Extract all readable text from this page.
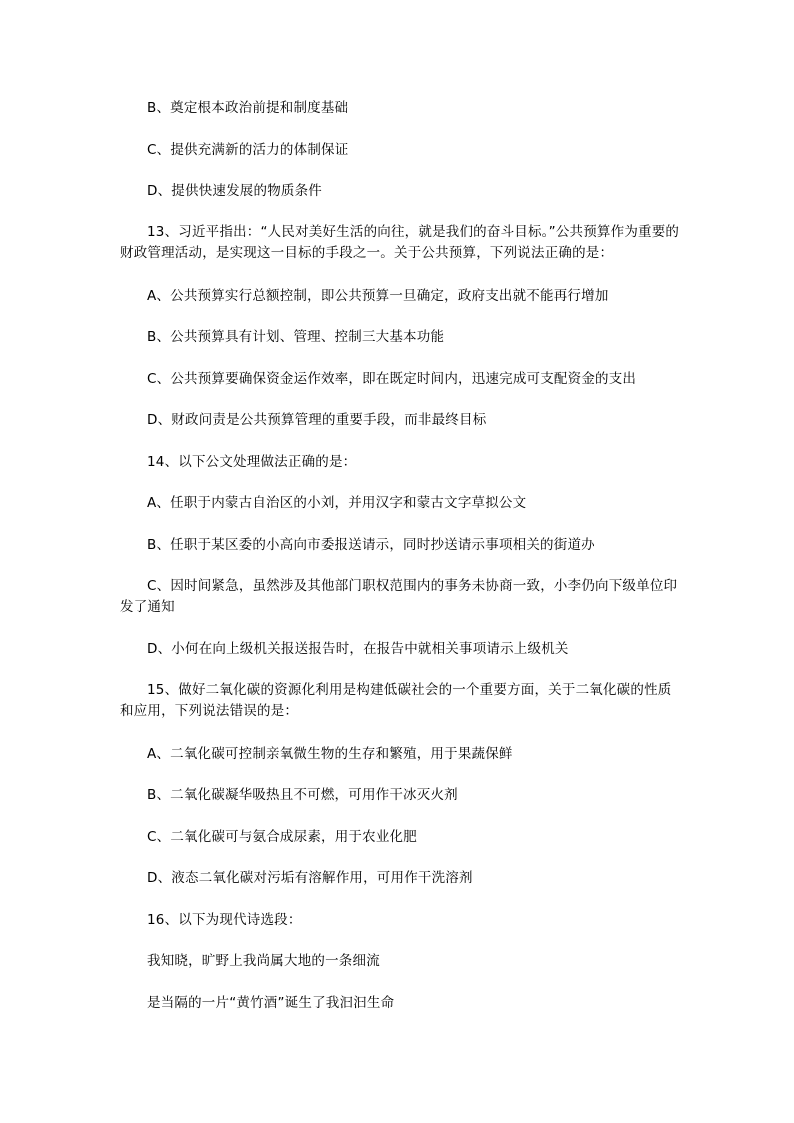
B、奠定根本政治前提和制度基础
C、提供充满新的活力的体制保证
D、提供快速发展的物质条件
13、习近平指出：“人民对美好生活的向往，就是我们的奋斗目标。”公共预算作为重要的财政管理活动，是实现这一目标的手段之一。关于公共预算，下列说法正确的是：
A、公共预算实行总额控制，即公共预算一旦确定，政府支出就不能再行增加
B、公共预算具有计划、管理、控制三大基本功能
C、公共预算要确保资金运作效率，即在既定时间内，迅速完成可支配资金的支出
D、财政问责是公共预算管理的重要手段，而非最终目标
14、以下公文处理做法正确的是：
A、任职于内蒙古自治区的小刘，并用汉字和蒙古文字草拟公文
B、任职于某区委的小高向市委报送请示，同时抄送请示事项相关的街道办
C、因时间紧急，虽然涉及其他部门职权范围内的事务未协商一致，小李仍向下级单位印发了通知
D、小何在向上级机关报送报告时，在报告中就相关事项请示上级机关
15、做好二氧化碳的资源化利用是构建低碳社会的一个重要方面，关于二氧化碳的性质和应用，下列说法错误的是：
A、二氧化碳可控制亲氧微生物的生存和繁殖，用于果蔬保鲜
B、二氧化碳凝华吸热且不可燃，可用作干冰灭火剂
C、二氧化碳可与氨合成尿素，用于农业化肥
D、液态二氧化碳对污垢有溶解作用，可用作干洗溶剂
16、以下为现代诗选段：
我知晓，旷野上我尚属大地的一条细流
是当隔的一片“黄竹酒”诞生了我汩汩生命
